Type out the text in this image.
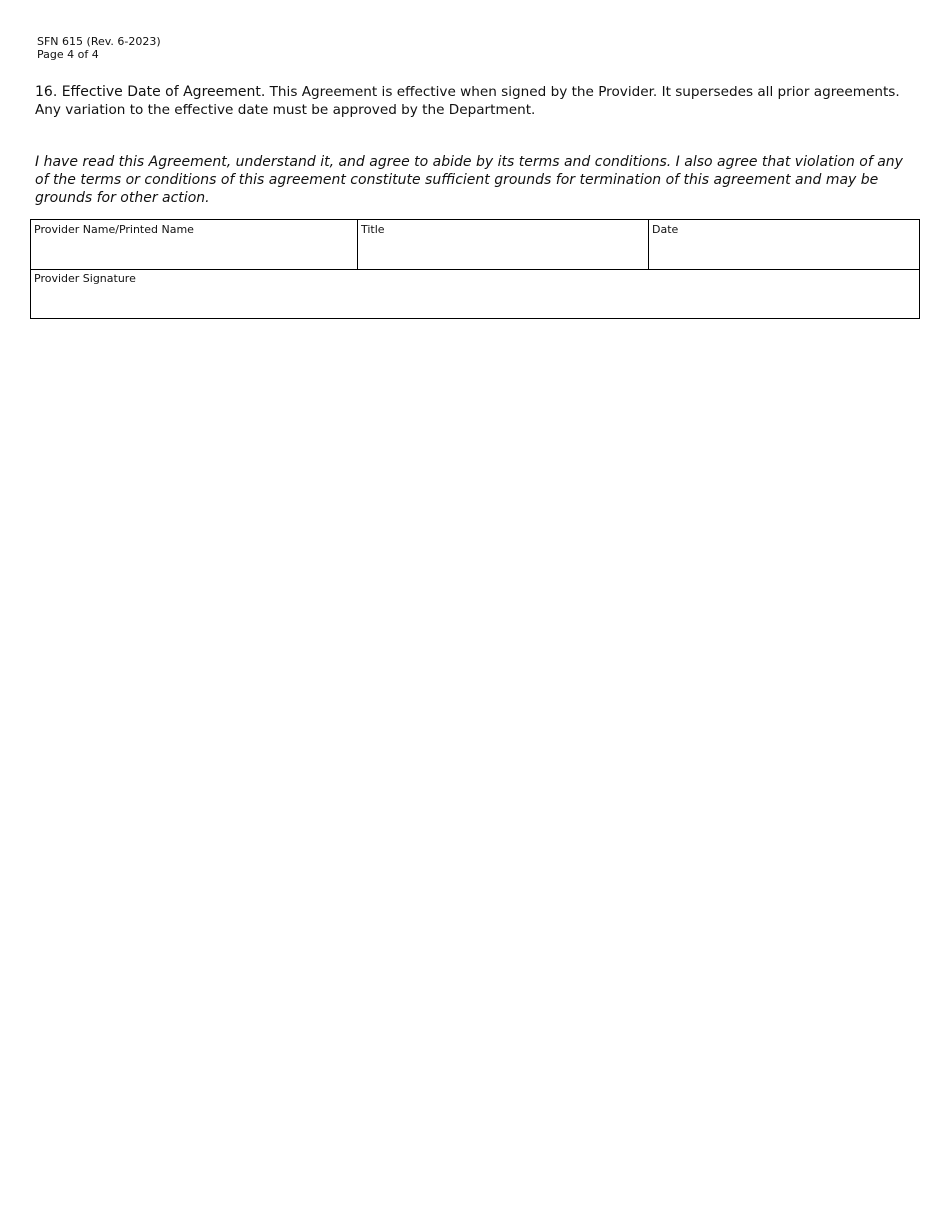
SFN 615 (Rev. 6-2023)
Page 4 of 4
16. Effective Date of Agreement. This Agreement is effective when signed by the Provider. It supersedes all prior agreements. Any variation to the effective date must be approved by the Department.
I have read this Agreement, understand it, and agree to abide by its terms and conditions. I also agree that violation of any of the terms or conditions of this agreement constitute sufficient grounds for termination of this agreement and may be grounds for other action.
Provider Name/Printed Name	Title	Date
Provider Signature
